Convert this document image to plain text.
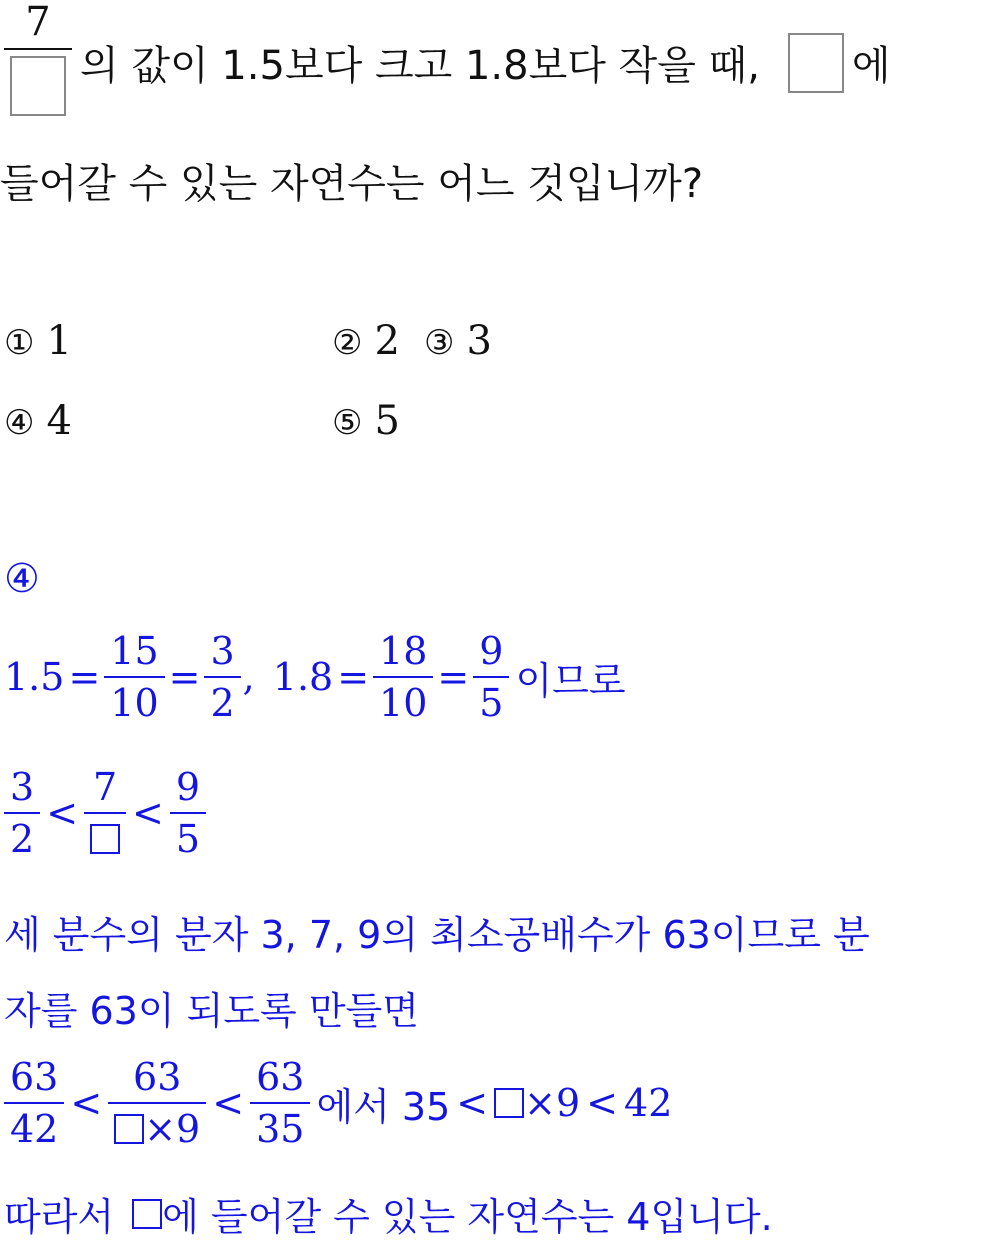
7
의 값이 1.5보다 크고 1.8보다 작을 때, 에
들어갈 수 있는 자연수는 어느 것입니까?
① 1	② 2 ③ 3
④ 4	⑤ 5
④
$1.5 = \frac{15}{10} = \frac{3}{2}$ , $1.8 = \frac{18}{10} = \frac{9}{5}$ 이므로
$\frac{3}{2}$ <
7
< $\frac{9}{5}$
세 분수의 분자 3, 7, 9의 최소공배수가 63이므로 분
자를 63이 되도록 만들면
$\frac{63}{42} < \frac{63}{\times 9} < \frac{63}{35}$ 에서 35 < ×9 < 42
따라서 에 들어갈 수 있는 자연수는 4입니다.
